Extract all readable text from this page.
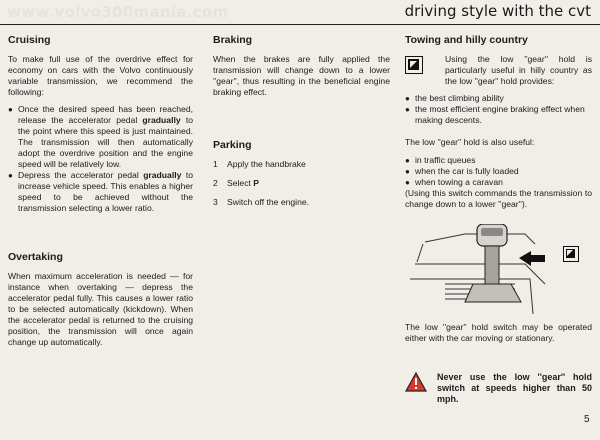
www.volvo300mania.com	driving style with the cvt
Cruising

To make full use of the overdrive effect for economy on cars with the Volvo continuously variable transmission, we recommend the following:

● Once the desired speed has been reached, release the accelerator pedal gradually to the point where this speed is just maintained. The transmission will then automatically adopt the overdrive position and the engine speed will be relatively low.
● Depress the accelerator pedal gradually to increase vehicle speed. This enables a higher speed to be achieved without the transmission selecting a lower ratio.
Overtaking

When maximum acceleration is needed — for instance when overtaking — depress the accelerator pedal fully. This causes a lower ratio to be selected automatically (kickdown). When the accelerator pedal is returned to the cruising position, the transmission will once again change up automatically.

Braking

When the brakes are fully applied the transmission will change down to a lower ''gear'', thus resulting in the beneficial engine braking effect.

Parking
1 Apply the handbrake
2 Select P
3 Switch off the engine.
Towing and hilly country

Using the low ''gear'' hold is particularly useful in hilly country as the low ''gear'' hold provides:

● the best climbing ability
● the most efficient engine braking effect when making descents.

The low ''gear'' hold is also useful:

● in traffic queues
● when the car is fully loaded
● when towing a caravan

(Using this switch commands the transmission to change down to a lower ''gear'').

The low ''gear'' hold switch may be operated either with the car moving or stationary.

Never use the low ''gear'' hold switch at speeds higher than 50 mph.

5
